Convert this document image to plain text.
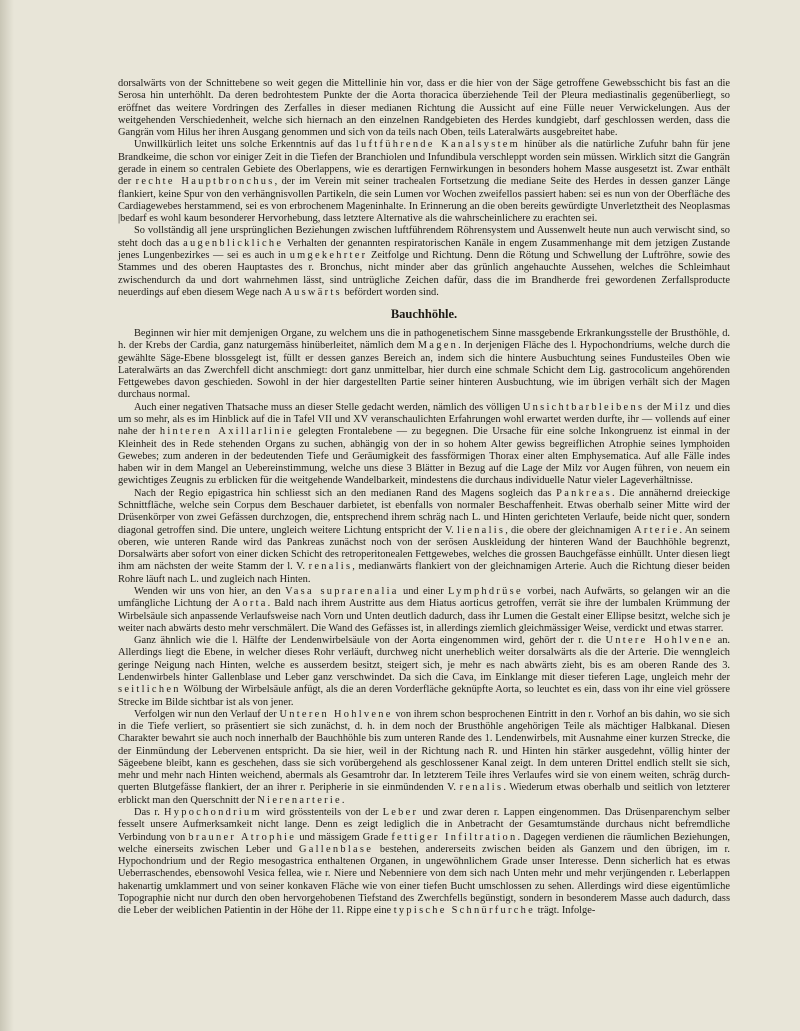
dorsalwärts von der Schnittebene so weit gegen die Mittellinie hin vor, dass er die hier von der Säge getroffene Gewebsschicht bis fast an die Serosa hin unterhöhlt. Da deren bedrohtestem Punkte der die Aorta thoracica überziehende Teil der Pleura mediastinalis gegenüberliegt, so eröffnet das weitere Vordringen des Zerfalles in dieser medianen Richtung die Aussicht auf eine Fülle neuer Verwickelungen. Aus der weitgehenden Verschiedenheit, welche sich hiernach an den einzelnen Randgebieten des Herdes kundgiebt, darf geschlossen werden, dass die Gangrän vom Hilus her ihren Ausgang genommen und sich von da teils nach Oben, teils Lateralwärts ausgebreitet habe.

Unwillkürlich leitet uns solche Erkenntnis auf das luftführende Kanalsystem hinüber als die natürliche Zufuhr bahn für jene Brandkeime, die schon vor einiger Zeit in die Tiefen der Branchiolen und Infundibula verschleppt worden sein müssen. Wirklich sitzt die Gangrän gerade in einem so centralen Gebiete des Oberlappens, wie es derartigen Fernwirkungen in besonders hohem Masse ausgesetzt ist. Zwar enthält der rechte Hauptbronchus, der im Verein mit seiner trachealen Fortsetzung die mediane Seite des Herdes in dessen ganzer Länge flankiert, keine Spur von den verhängnisvollen Partikeln, die sein Lumen vor Wochen zweifellos passiert haben: sei es nun von der Oberfläche des Cardiagewebes herstammend, sei es von erbrochenem Mageninhalte. In Erinnerung an die oben bereits gewürdigte Unverletztheit des Neoplasmas |bedarf es wohl kaum besonderer Hervorhebung, dass letztere Alternative als die wahrscheinlichere zu erachten sei.

So vollständig all jene ursprünglichen Beziehungen zwischen luftführendem Röhrensystem und Aussenwelt heute nun auch verwischt sind, so steht doch das augenblickliche Verhalten der genannten respiratorischen Kanäle in engem Zusammenhange mit dem jetzigen Zustande jenes Lungenbezirkes — sei es auch in umgekehrter Zeitfolge und Richtung. Denn die Rötung und Schwellung der Luftröhre, sowie des Stammes und des oberen Hauptastes des r. Bronchus, nicht minder aber das grünlich angehauchte Aussehen, welches die Schleimhaut zwischendurch da und dort wahrnehmen lässt, sind untrügliche Zeichen dafür, dass die im Brandherde frei gewordenen Zerfallsproducte neuerdings auf eben diesem Wege nach Auswärts befördert worden sind.

Bauchhöhle.

Beginnen wir hier mit demjenigen Organe, zu welchem uns die in pathogenetischem Sinne massgebende Erkrankungsstelle der Brusthöhle, d. h. der Krebs der Cardia, ganz naturgemäss hinüberleitet, nämlich dem Magen. In derjenigen Fläche des l. Hypochondriums, welche durch die gewählte Säge-Ebene blossgelegt ist, füllt er dessen ganzes Bereich an, indem sich die hintere Ausbuchtung seines Fundusteiles Oben wie Lateralwärts an das Zwerchfell dicht anschmiegt: dort ganz unmittelbar, hier durch eine schmale Schicht dem Lig. gastrocolicum angehörenden Fettgewebes davon geschieden. Sowohl in der hier dargestellten Partie seiner hinteren Ausbuchtung, wie im übrigen verhält sich der Magen durchaus normal.

Auch einer negativen Thatsache muss an dieser Stelle gedacht werden, nämlich des völligen Unsichtbarbleibens der Milz und dies um so mehr, als es im Hinblick auf die in Tafel VII und XV veranschaulichten Erfahrungen wohl erwartet werden durfte, ihr — vollends auf einer nahe der hinteren Axillarlinie gelegten Frontalebene — zu begegnen. Die Ursache für eine solche Inkongruenz ist einmal in der Kleinheit des in Rede stehenden Organs zu suchen, abhängig von der in so hohem Alter gewiss begreiflichen Atrophie seines lymphoiden Gewebes; zum anderen in der bedeutenden Tiefe und Geräumigkeit des fassförmigen Thorax einer alten Emphysematica. Auf alle Fälle indes haben wir in dem Mangel an Uebereinstimmung, welche uns diese 3 Blätter in Bezug auf die Lage der Milz vor Augen führen, von neuem ein gewichtiges Zeugnis zu erblicken für die weitgehende Wandelbarkeit, mindestens die durchaus individuelle Natur vieler Lageverhältnisse.

Nach der Regio epigastrica hin schliesst sich an den medianen Rand des Magens sogleich das Pankreas. Die annähernd dreieckige Schnittfläche, welche sein Corpus dem Beschauer darbietet, ist ebenfalls von normaler Beschaffenheit. Etwas oberhalb seiner Mitte wird der Drüsenkörper von zwei Gefässen durchzogen, die, entsprechend ihrem schräg nach L. und Hinten gerichteten Verlaufe, beide nicht quer, sondern diagonal getroffen sind. Die untere, ungleich weitere Lichtung entspricht der V. lienalis, die obere der gleichnamigen Arterie. An seinem oberen, wie unteren Rande wird das Pankreas zunächst noch von der serösen Auskleidung der hinteren Wand der Bauchhöhle begrenzt, Dorsalwärts aber sofort von einer dicken Schicht des retroperitonealen Fettgewebes, welches die grossen Bauchgefässe einhüllt. Unter diesen liegt ihm am nächsten der weite Stamm der l. V. renalis, medianwärts flankiert von der gleichnamigen Arterie. Auch die Richtung dieser beiden Rohre läuft nach L. und zugleich nach Hinten.

Wenden wir uns von hier, an den Vasa suprarenalia und einer Lymphdrüse vorbei, nach Aufwärts, so gelangen wir an die umfängliche Lichtung der Aorta. Bald nach ihrem Austritte aus dem Hiatus aorticus getroffen, verrät sie ihre der lumbalen Krümmung der Wirbelsäule sich anpassende Verlaufsweise nach Vorn und Unten deutlich dadurch, dass ihr Lumen die Gestalt einer Ellipse besitzt, welche sich je weiter nach abwärts desto mehr verschmälert. Die Wand des Gefässes ist, in allerdings ziemlich gleichmässiger Weise, verdickt und etwas starrer.

Ganz ähnlich wie die l. Hälfte der Lendenwirbelsäule von der Aorta eingenommen wird, gehört der r. die Untere Hohlvene an. Allerdings liegt die Ebene, in welcher dieses Rohr verläuft, durchweg nicht unerheblich weiter dorsalwärts als die der Arterie. Die wenngleich geringe Neigung nach Hinten, welche es ausserdem besitzt, steigert sich, je mehr es nach abwärts zieht, bis es am oberen Rande des 3. Lendenwirbels hinter Gallenblase und Leber ganz verschwindet. Da sich die Cava, im Einklange mit dieser tieferen Lage, ungleich mehr der seitlichen Wölbung der Wirbelsäule anfügt, als die an deren Vorderfläche geknüpfte Aorta, so leuchtet es ein, dass von ihr eine viel grössere Strecke im Bilde sichtbar ist als von jener.

Verfolgen wir nun den Verlauf der Unteren Hohlvene von ihrem schon besprochenen Eintritt in den r. Vorhof an bis dahin, wo sie sich in die Tiefe verliert, so präsentiert sie sich zunächst, d. h. in dem noch der Brusthöhle angehörigen Teile als mächtiger Halbkanal. Diesen Charakter bewahrt sie auch noch innerhalb der Bauchhöhle bis zum unteren Rande des 1. Lendenwirbels, mit Ausnahme einer kurzen Strecke, die der Einmündung der Lebervenen entspricht. Da sie hier, weil in der Richtung nach R. und Hinten hin stärker ausgedehnt, völlig hinter der Sägeebene bleibt, kann es geschehen, dass sie sich vorübergehend als geschlossener Kanal zeigt. In dem unteren Drittel endlich stellt sie sich, mehr und mehr nach Hinten weichend, abermals als Gesamtrohr dar. In letzterem Teile ihres Verlaufes wird sie von einem weiten, schräg durchquerten Blutgefässe flankiert, der an ihrer r. Peripherie in sie einmündenden V. renalis. Wiederum etwas oberhalb und seitlich von letzterer erblickt man den Querschnitt der Nierenarterie.

Das r. Hypochondrium wird grösstenteils von der Leber und zwar deren r. Lappen eingenommen. Das Drüsenparenchym selber fesselt unsere Aufmerksamkeit nicht lange. Denn es zeigt lediglich die in Anbetracht der Gesamtumstände durchaus nicht befremdliche Verbindung von brauner Atrophie und mässigem Grade fettiger Infiltration. Dagegen verdienen die räumlichen Beziehungen, welche einerseits zwischen Leber und Gallenblase bestehen, andererseits zwischen beiden als Ganzem und den übrigen, im r. Hypochondrium und der Regio mesogastrica enthaltenen Organen, in ungewöhnlichem Grade unser Interesse. Denn sicherlich hat es etwas Ueberraschendes, ebensowohl Vesica fellea, wie r. Niere und Nebenniere von dem sich nach Unten mehr und mehr verjüngenden r. Leberlappen hakenartig umklammert und von seiner konkaven Fläche wie von einer tiefen Bucht umschlossen zu sehen. Allerdings wird diese eigentümliche Topographie nicht nur durch den oben hervorgehobenen Tiefstand des Zwerchfells begünstigt, sondern in besonderem Masse auch dadurch, dass die Leber der weiblichen Patientin in der Höhe der 11. Rippe eine typische Schnürfurche trägt. Infolge-
